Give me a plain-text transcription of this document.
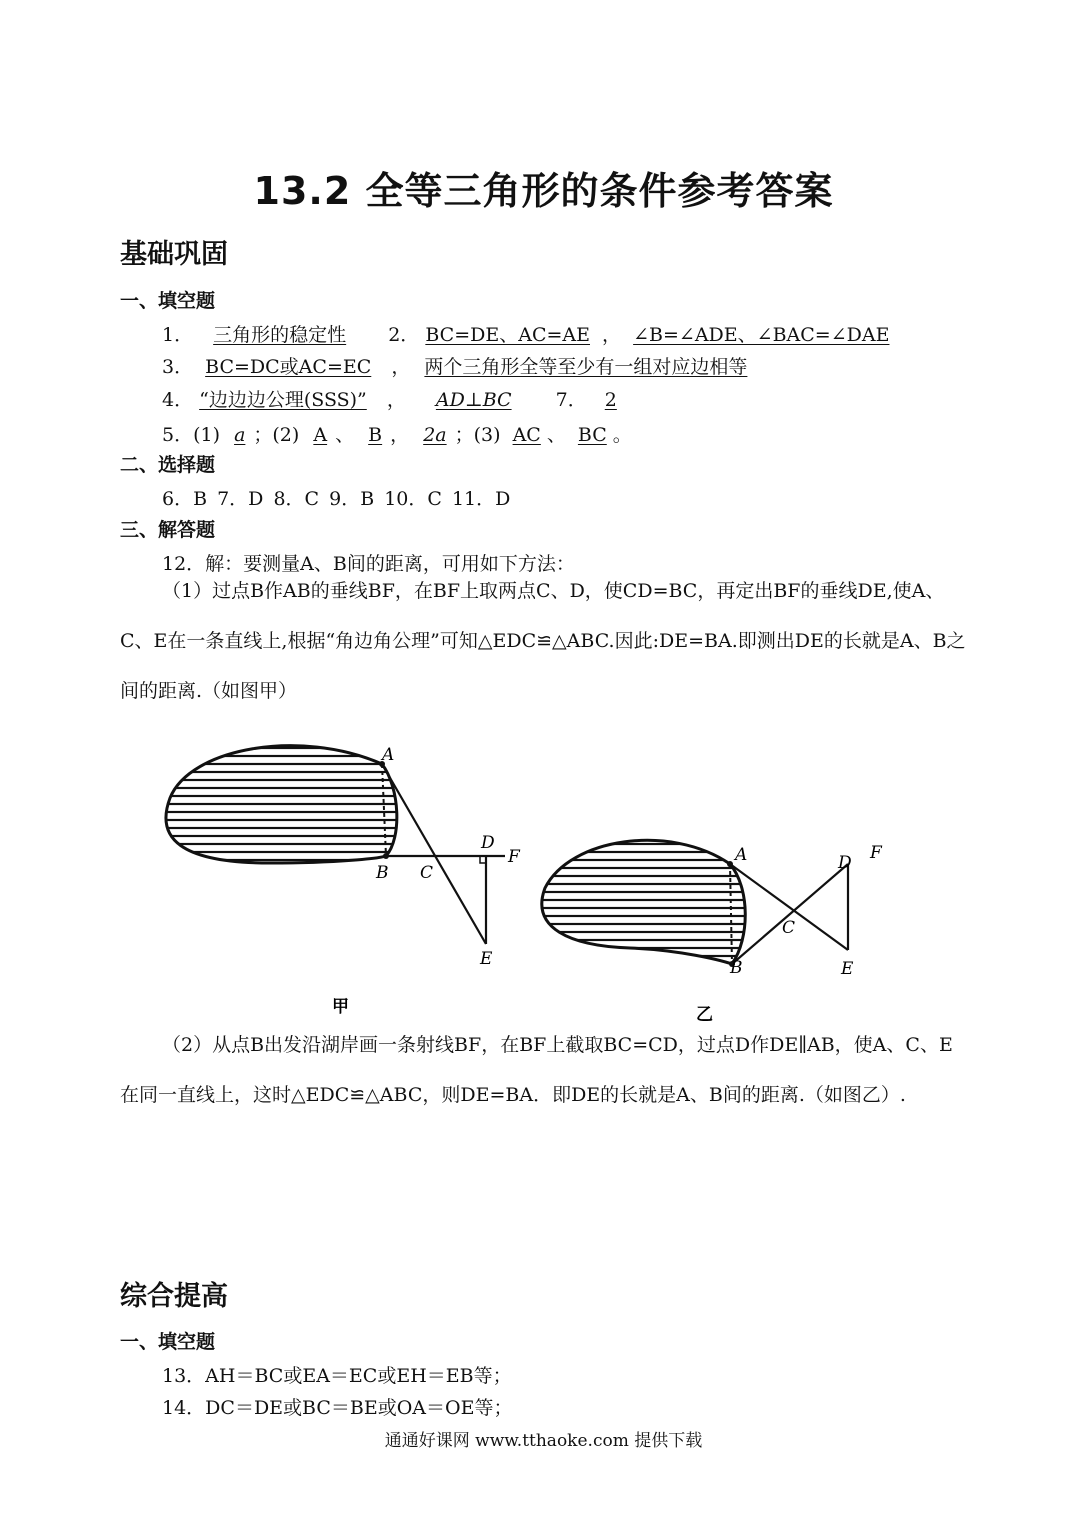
13.2 全等三角形的条件参考答案
基础巩固
一、填空题
1． 三角形的稳定性 2． BC=DE、AC=AE ， ∠B=∠ADE、∠BAC=∠DAE
3． BC=DC或AC=EC ， 两个三角形全等至少有一组对应边相等
4． “边边边公理(SSS)” ， AD⊥BC 7． 2
5．(1) a ；(2) A 、 B ， 2a ；(3) AC 、 BC 。
二、选择题
6．B 7．D 8．C 9．B 10．C 11．D
三、解答题
12．解：要测量A、B间的距离，可用如下方法：
（1）过点B作AB的垂线BF，在BF上取两点C、D，使CD=BC，再定出BF的垂线DE,使A、C、E在一条直线上,根据“角边角公理”可知△EDC≌△ABC.因此:DE=BA.即测出DE的长就是A、B之间的距离.（如图甲）
A
B C
D
F
E
甲
A
B
C
D F
E
乙
（2）从点B出发沿湖岸画一条射线BF，在BF上截取BC=CD，过点D作DE∥AB，使A、C、E在同一直线上，这时△EDC≌△ABC，则DE=BA．即DE的长就是A、B间的距离.（如图乙）.
综合提高
一、填空题
13．AH＝BC或EA＝EC或EH＝EB等；
14．DC＝DE或BC＝BE或OA＝OE等；
通通好课网 www.tthaoke.com 提供下载
